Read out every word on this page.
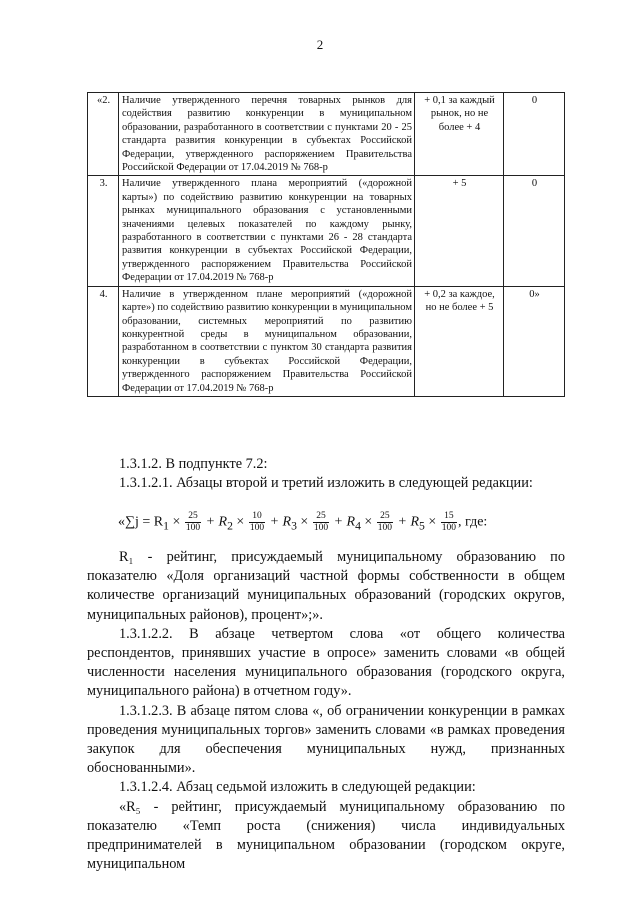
2
«2.	Наличие утвержденного перечня товарных рынков для содействия развитию конкуренции в муниципальном образовании, разработанного в соответствии с пунктами 20 - 25 стандарта развития конкуренции в субъектах Российской Федерации, утвержденного распоряжением Правительства Российской Федерации от 17.04.2019 № 768-р	+ 0,1 за каждый рынок, но не более + 4	0
3.	Наличие утвержденного плана мероприятий («дорожной карты») по содействию развитию конкуренции на товарных рынках муниципального образования с установленными значениями целевых показателей по каждому рынку, разработанного в соответствии с пунктами 26 - 28 стандарта развития конкуренции в субъектах Российской Федерации, утвержденного распоряжением Правительства Российской Федерации от 17.04.2019 № 768-р	+ 5	0
4.	Наличие в утвержденном плане мероприятий («дорожной карте») по содействию развитию конкуренции в муниципальном образовании, системных мероприятий по развитию конкурентной среды в муниципальном образовании, разработанном в соответствии с пунктом 30 стандарта развития конкуренции в субъектах Российской Федерации, утвержденного распоряжением Правительства Российской Федерации от 17.04.2019 № 768-р	+ 0,2 за каждое, но не более + 5	0»

1.3.1.2. В подпункте 7.2:

1.3.1.2.1. Абзацы второй и третий изложить в следующей редакции:

«$\sum j = R_1 \times \frac{25}{100} + R_2 \times \frac{10}{100} + R_3 \times \frac{25}{100} + R_4 \times \frac{25}{100} + R_5 \times \frac{15}{100}$ , где:

R₁ - рейтинг, присуждаемый муниципальному образованию по показателю «Доля организаций частной формы собственности в общем количестве организаций муниципальных образований (городских округов, муниципальных районов), процент»;».

1.3.1.2.2. В абзаце четвертом слова «от общего количества респондентов, принявших участие в опросе» заменить словами «в общей численности населения муниципального образования (городского округа, муниципального района) в отчетном году».

1.3.1.2.3. В абзаце пятом слова «, об ограничении конкуренции в рамках проведения муниципальных торгов» заменить словами «в рамках проведения закупок для обеспечения муниципальных нужд, признанных обоснованными».

1.3.1.2.4. Абзац седьмой изложить в следующей редакции:

«R₅ - рейтинг, присуждаемый муниципальному образованию по показателю «Темп роста (снижения) числа индивидуальных предпринимателей в муниципальном образовании (городском округе, муниципальном
